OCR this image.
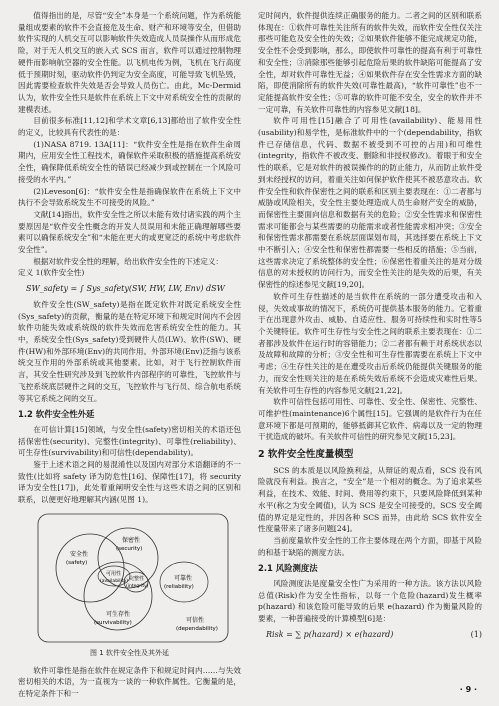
值得指出的是，尽管“安全”本身是一个系统问题，作为系统能量组成要素的软件不会直接危及生命、财产和环境等安全，但借助软件实现的人机交互可以影响软件失效造成人员误操作从而形成危险，对于无人机交互的嵌入式 SCS 而言，软件可以通过控制物理硬件而影响航空器的安全性能。以飞机电传为例，飞机在飞行高度低于预期时刻，驱动软件仍判定为安全高度，可能导致飞机坠毁，因此需要检查软件失效是否会导致人员伤亡。由此，Mc-Dermid 认为，软件安全性只是软件在系统上下文中对系统安全性的贡献的建模表述。

目前很多标准[11,12]和学术文章[6,13]都给出了软件安全性的定义，比较具有代表性的是：

(1)NASA 8719. 13A[11]：“软件安全性是指在软件生命周期内，应用安全性工程技术，确保软件采取积极的措施提高系统安全性，确保降低系统安全性的错误已经减少到或控制在一个风险可接受的水平内。”

(2)Leveson[6]：“软件安全性是指确保软件在系统上下文中执行不会导致系统发生不可接受的风险。”

文献[14]指出，软件安全性之所以未能有效付诸实践的两个主要原因是“软件安全性概念的开发人员误用和未能正确理解哪些要素可以确保系统安全”和“未能在更大的或更宽泛的系统中考虑软件安全性”。

根据对软件安全性的理解，给出软件安全性的下述定义：

定义 1(软件安全性)

SW_safety = ∫ Sys_safety(SW, HW, LW, Env) dSW

软件安全性(SW_safety)是指在既定软件对既定系统安全性(Sys_safety)的贡献，衡量的是在特定环境下和规定时间内不会因软件功能失效或系统级的软件失效而危害系统安全性的能力。其中，系统安全性(Sys_safety)受到硬件人员(LW)、软件(SW)、硬件(HW)和外部环境(Env)的共同作用。外部环境(Env)泛指与该系统交互作用的外部系统或其他要素。比如，对于飞行控制软件而言，其安全性研究涉及到飞控软件内部程序的可靠性，飞控软件与飞控系统底层硬件之间的交互，飞控软件与飞行员、综合航电系统等其它系统之间的交互。

1.2 软件安全性外延

在可信计算[15]领域，与安全性(safety)密切相关的术语还包括保密性(security)、完整性(integrity)、可靠性(reliability)、可生存性(survivability)和可信性(dependability)。

鉴于上述术语之间的易混淆性以及国内对部分术语翻译的不一致性(比如将 safety 译为防危性[16]、保障性[17]，将 security 译为安全性[17])，此处着重阐明安全性与这些术语之间的区别和联系，以便更好地理解其内涵(见图 1)。

安全性
(safety)
保密性
(security)
完整性
(integrity)
可用性
(availability)
可生存性
(survivability)
可靠性
(reliability)
可信性
(dependability)
图 1 软件安全性及其外延

软件可靠性是指在软件在规定条件下和规定时间内……与失效密切相关的术语，为一直视为一谈的一种软件属性。它衡量的是，在特定条件下和一

定时间内，软件提供连续正确服务的能力。二者之间的区别和联系体现在：①软件可靠性关注所有的软件失效，而软件安全性仅关注那些可能危及安全性的失效；②如果软件能够不能完成规定功能，安全性不会受到影响，那么，即使软件可靠性的提高有利于可靠性和安全性；③消除那些能够引起危险后果的软件缺陷可能提高了安全性，却对软件可靠性无益；④如果软件存在安全性需求方面的缺陷，即使消除所有的软件失效(可靠性最高)，“软件可靠性”也不一定能提高软件安全性；⑤可靠的软件可能不安全，安全的软件并不一定可靠，有关软件可靠性的内容参见文献[18]。

软件可用性[15]融合了可用性(availability)、能易用性(usability)和易学性，是标准软件中的一个(dependability，指软件已存储信息，代码、数据不被受到不可控的占用)和可维性(integrity，指软件不被改变、删除和非授权修改)。着眼于和安全性的联系，它是对软件的被误操作的的防止能力，从而防止软件受到未经授权的访问，着重关注如何保护软件使其不被恶意攻击。软件安全性和软件保密性之间的联系和区别主要表现在：①二者都与威胁或风险相关，安全性主要处理造成人员生命财产安全的威胁，而保密性主要面向信息和数据有关的危险；②安全性需求和保密性需求可能都会与某些需要的功能需求或者性能需求相冲突；③安全和保密性需求都需要在系统层面谋划布局，其选择要在系统上下文中不断引入；④安全性和保密性都需要一些相反的措施；⑤当前，这些需求决定了系统整体的安全性；⑥保密性着重关注的是对分级信息的对未授权的访问行为，而安全性关注的是失效的后果，有关保密性的综述参见文献[19,20]。

软件可生存性描述的是当软件在系统的一部分遭受攻击和入侵，失效或事故的情况下，系统仍可提供基本服务的能力。它着重于在出现意外攻击、威胁、自适应性、服务可持续性和实时性等5个关键特征。软件可生存性与安全性之间的联系主要表现在：①二者都涉及软件在运行时的容错能力；②二者都有赖于对系统状态以及故障和故障的分析；③安全性和可生存性都需要在系统上下文中考虑；④生存性关注的是在遭受攻击后系统仍能提供关键服务的能力，而安全性则关注的是在系统失效后系统不会造成灾难性后果。有关软件可生存性的内容参见文献[21,22]。

软件可信性包括可用性、可靠性、安全性、保密性、完整性、可维护性(maintenance)6个属性[15]。它强调的是软件行为在任意环境下都是可预期的，能够抵御其它软件、病毒以及一定的物理干扰造成的破坏。有关软件可信性的研究参见文献[15,23]。

2 软件安全性度量模型

SCS 的本质是以风险换利益，从辩证的观点看，SCS 没有风险就没有利益。换言之，“安全”是一个相对的概念。为了追求某些利益，在技术、效能、时间、费用等约束下，只要风险降低到某种水平(称之为安全阈值)，认为 SCS 是安全可接受的。SCS 安全阈值的界定是定性的，并因各种 SCS 而异，由此给 SCS 软件安全性度量带来了诸多问题[24]。

当前度量软件安全性的工作主要体现在两个方面，即基于风险的和基于缺陷的测度方法。

2.1 风险测度法

风险测度法是度量安全性广为采用的一种方法。该方法以风险总值(Risk)作为安全性指标，以每一个危险(hazard)发生概率 p(hazard) 和该危险可能导致的后果 e(hazard) 作为衡量风险的要素，一种普遍接受的计算模型[6]是：

Risk = ∑ p(hazard) × e(hazard)	(1)
· 9 ·
